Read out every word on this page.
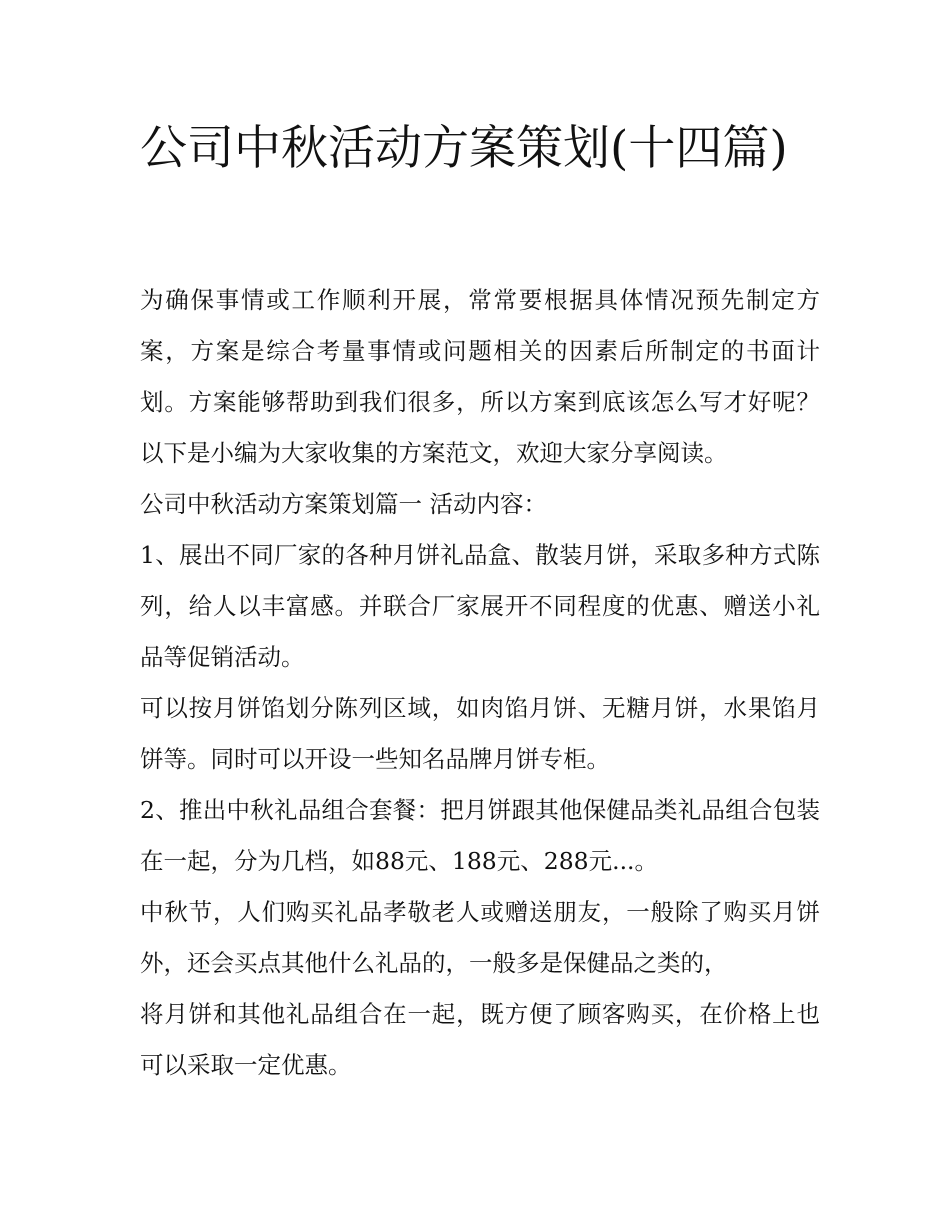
公司中秋活动方案策划(十四篇)

为确保事情或工作顺利开展，常常要根据具体情况预先制定方案，方案是综合考量事情或问题相关的因素后所制定的书面计划。方案能够帮助到我们很多，所以方案到底该怎么写才好呢？以下是小编为大家收集的方案范文，欢迎大家分享阅读。

公司中秋活动方案策划篇一 活动内容：

1、展出不同厂家的各种月饼礼品盒、散装月饼，采取多种方式陈列，给人以丰富感。并联合厂家展开不同程度的优惠、赠送小礼品等促销活动。

可以按月饼馅划分陈列区域，如肉馅月饼、无糖月饼，水果馅月饼等。同时可以开设一些知名品牌月饼专柜。

2、推出中秋礼品组合套餐：把月饼跟其他保健品类礼品组合包装在一起，分为几档，如88元、188元、288元...。

中秋节，人们购买礼品孝敬老人或赠送朋友，一般除了购买月饼外，还会买点其他什么礼品的，一般多是保健品之类的，

将月饼和其他礼品组合在一起，既方便了顾客购买，在价格上也可以采取一定优惠。
